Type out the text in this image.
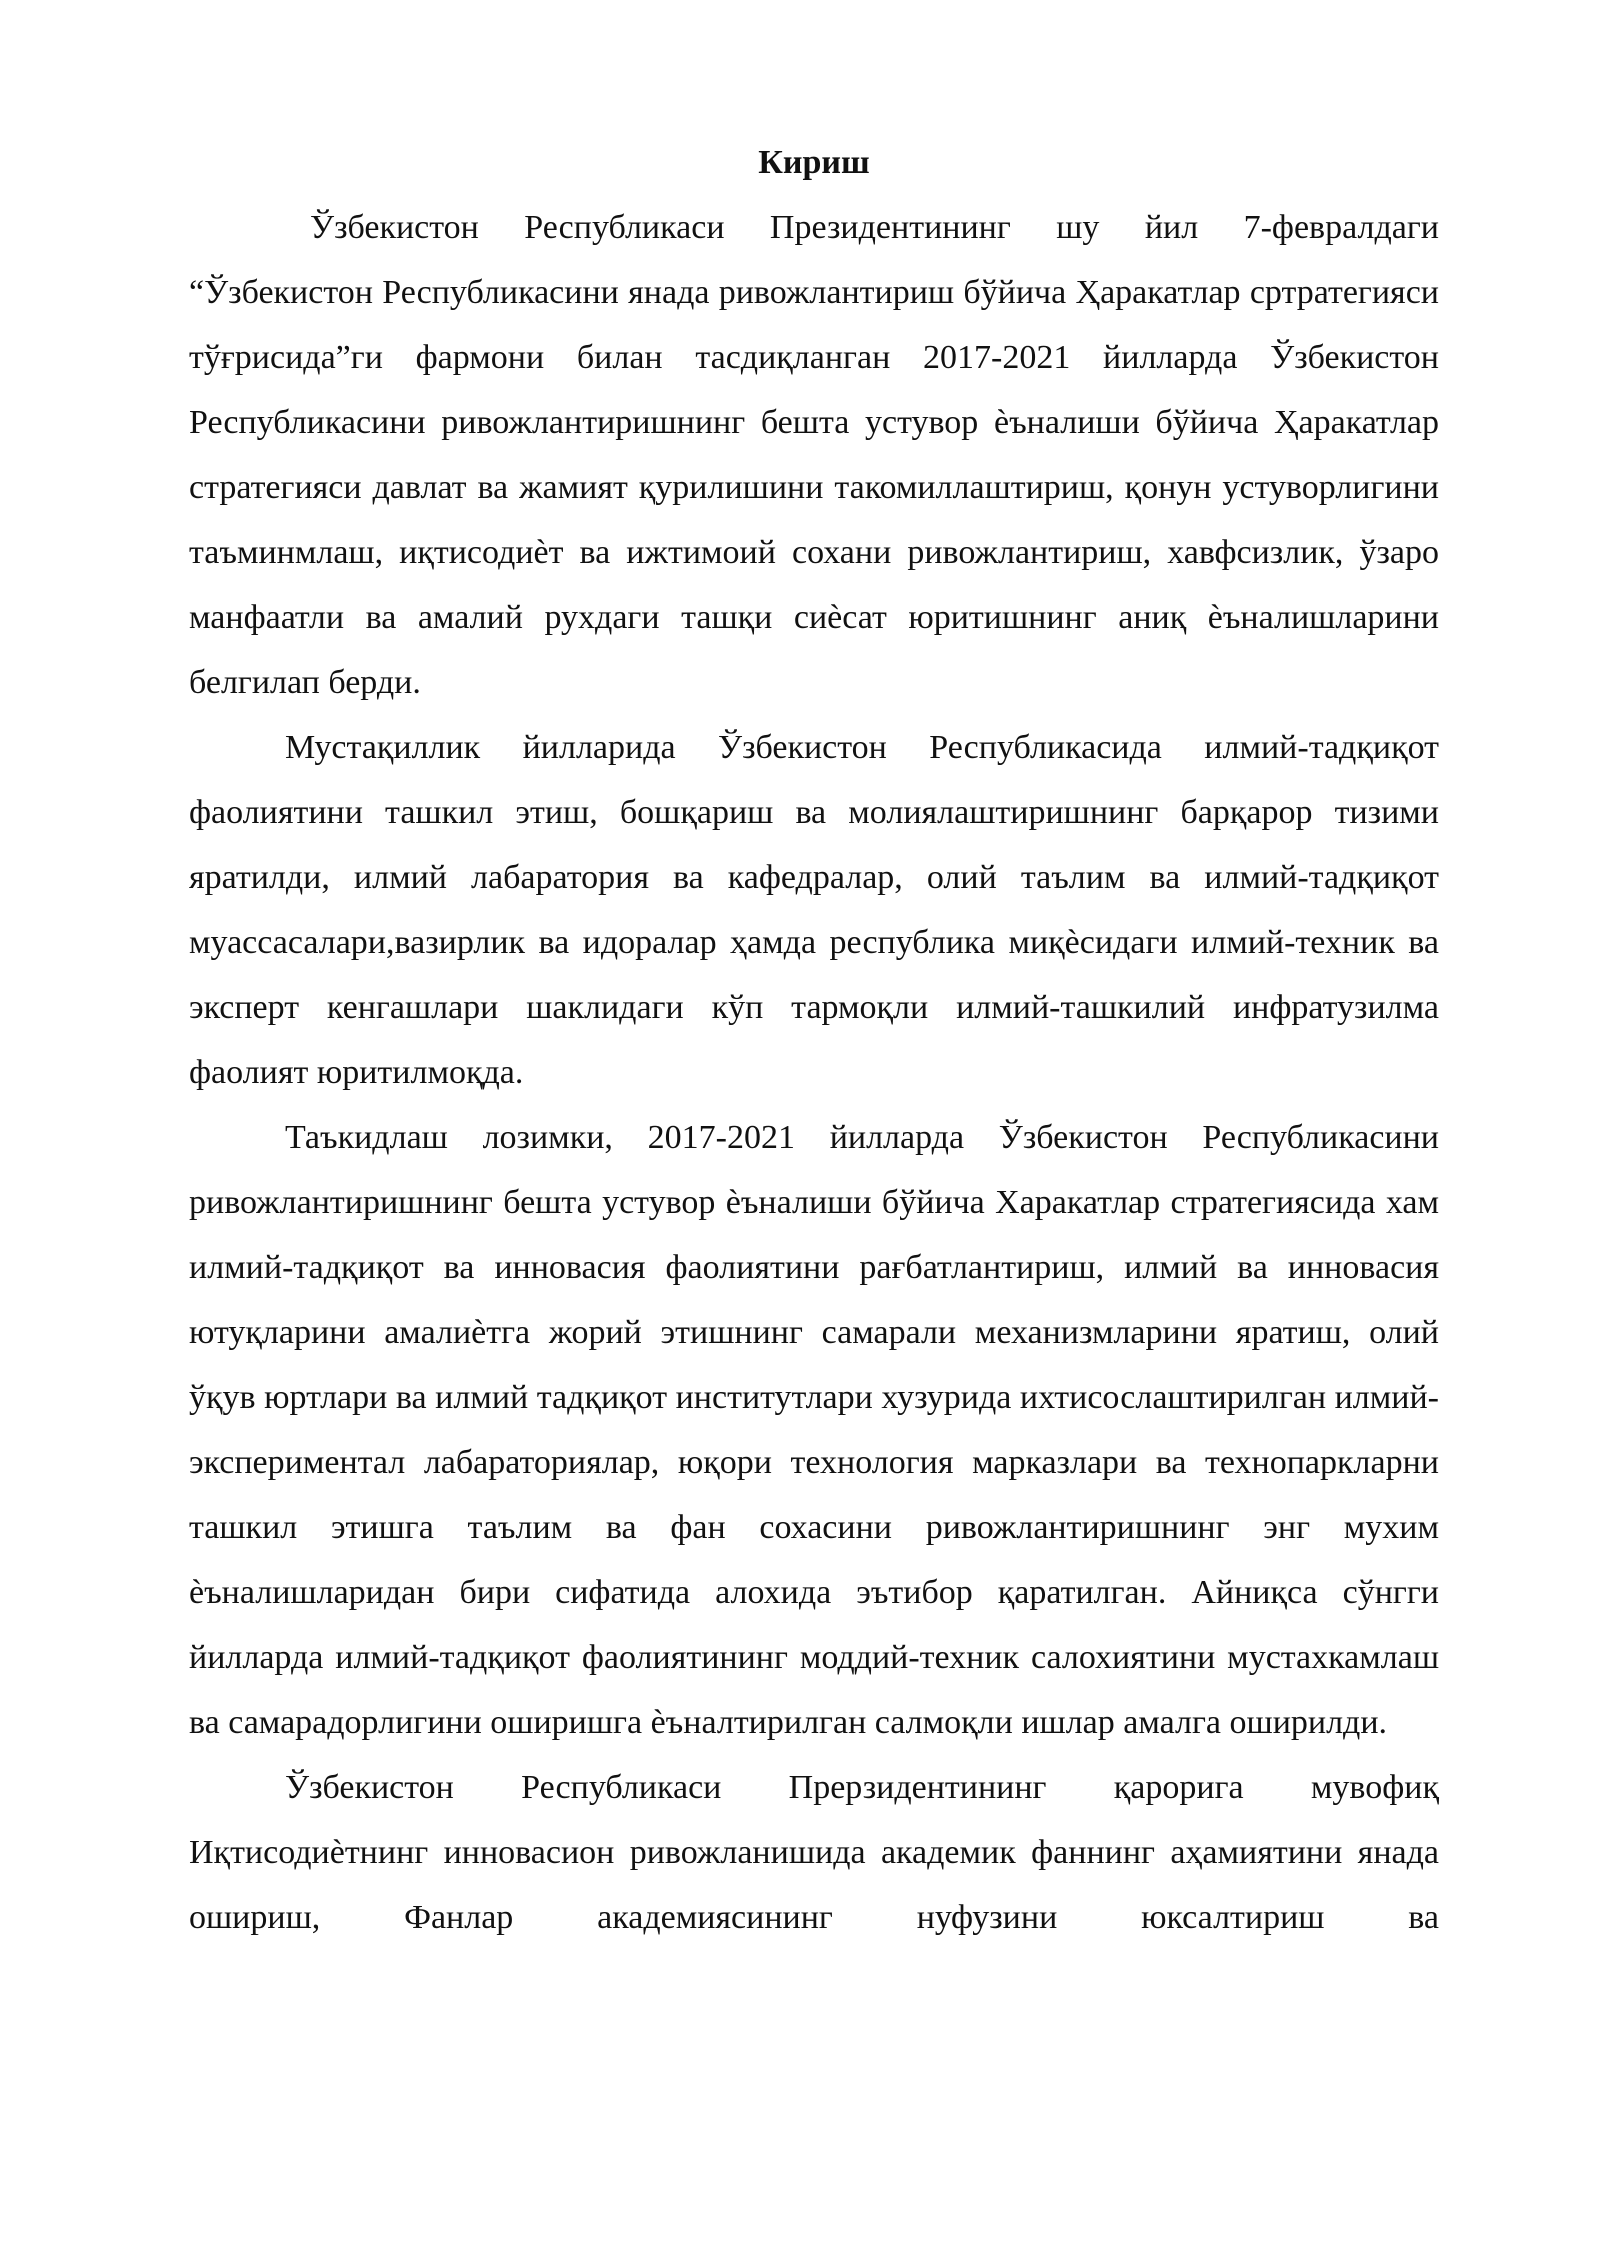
Кириш

Ўзбекистон Республикаси Президентининг шу йил 7-февралдаги “Ўзбекистон Республикасини янада ривожлантириш бўйича Ҳаракатлар сртратегияси тўғрисида”ги фармони билан тасдиқланган 2017-2021 йилларда Ўзбекистон Республикасини ривожлантиришнинг бешта устувор ѐъналиши бўйича Ҳаракатлар стратегияси давлат ва жамият қурилишини такомиллаштириш, қонун устуворлигини таъминмлаш, иқтисодиѐт ва ижтимоий сохани ривожлантириш, хавфсизлик, ўзаро манфаатли ва амалий рухдаги ташқи сиѐсат юритишнинг аниқ ѐъналишларини белгилап берди.

Мустақиллик йилларида Ўзбекистон Республикасида илмий-тадқиқот фаолиятини ташкил этиш, бошқариш ва молиялаштиришнинг барқарор тизими яратилди, илмий лабаратория ва кафедралар, олий таълим ва илмий-тадқиқот муассасалари,вазирлик ва идоралар ҳамда республика миқѐсидаги илмий-техник ва эксперт кенгашлари шаклидаги кўп тармоқли илмий-ташкилий инфратузилма фаолият юритилмоқда.

Таъкидлаш лозимки, 2017-2021 йилларда Ўзбекистон Республикасини ривожлантиришнинг бешта устувор ѐъналиши бўйича Харакатлар стратегиясида хам илмий-тадқиқот ва инновасия фаолиятини рағбатлантириш, илмий ва инновасия ютуқларини амалиѐтга жорий этишнинг самарали механизмларини яратиш, олий ўқув юртлари ва илмий тадқиқот институтлари хузурида ихтисослаштирилган илмий-экспериментал лабараториялар, юқори технология марказлари ва технопаркларни ташкил этишга таълим ва фан сохасини ривожлантиришнинг энг мухим ѐъналишларидан бири сифатида алохида эътибор қаратилган. Айниқса сўнгги йилларда илмий-тадқиқот фаолиятининг моддий-техник салохиятини мустахкамлаш ва самарадорлигини оширишга ѐъналтирилган салмоқли ишлар амалга оширилди.

Ўзбекистон Республикаси Прерзидентининг қарорига мувофиқ Иқтисодиѐтнинг инновасион ривожланишида академик фаннинг аҳамиятини янада ошириш, Фанлар академиясининг нуфузини юксалтириш ва
